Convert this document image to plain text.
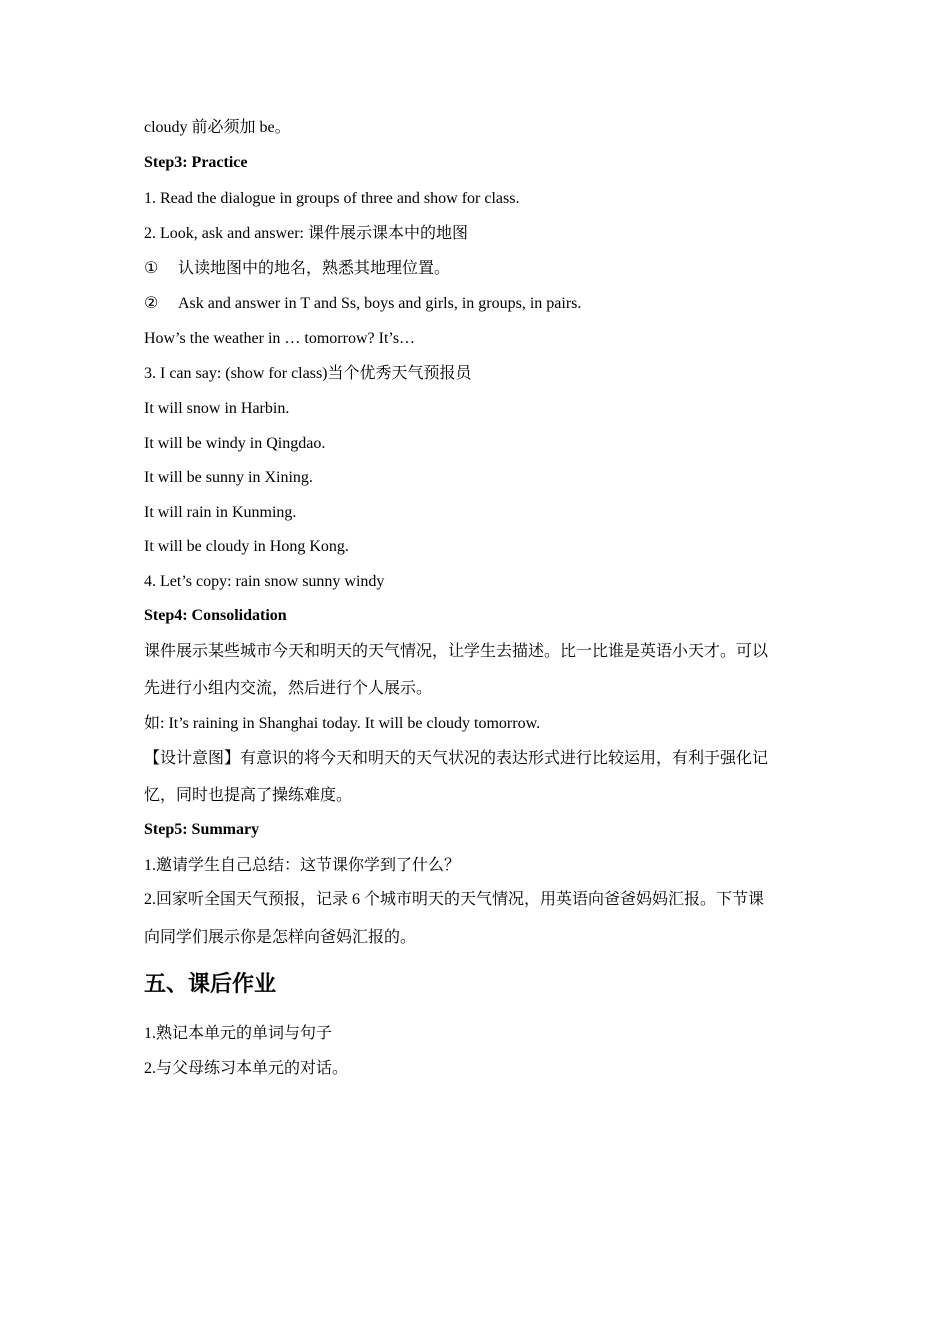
cloudy 前必须加 be。
Step3: Practice
1. Read the dialogue in groups of three and show for class.
2. Look, ask and answer: 课件展示课本中的地图
① 认读地图中的地名，熟悉其地理位置。
② Ask and answer in T and Ss, boys and girls, in groups, in pairs.
How’s the weather in … tomorrow? It’s…
3. I can say: (show for class)当个优秀天气预报员
It will snow in Harbin.
It will be windy in Qingdao.
It will be sunny in Xining.
It will rain in Kunming.
It will be cloudy in Hong Kong.
4. Let’s copy: rain snow sunny windy
Step4: Consolidation
课件展示某些城市今天和明天的天气情况，让学生去描述。比一比谁是英语小天才。可以
先进行小组内交流，然后进行个人展示。
如: It’s raining in Shanghai today. It will be cloudy tomorrow.
【设计意图】有意识的将今天和明天的天气状况的表达形式进行比较运用，有利于强化记
忆，同时也提高了操练难度。
Step5: Summary
1.邀请学生自己总结：这节课你学到了什么？
2.回家听全国天气预报，记录 6 个城市明天的天气情况，用英语向爸爸妈妈汇报。下节课
向同学们展示你是怎样向爸妈汇报的。
五、课后作业
1.熟记本单元的单词与句子
2.与父母练习本单元的对话。
